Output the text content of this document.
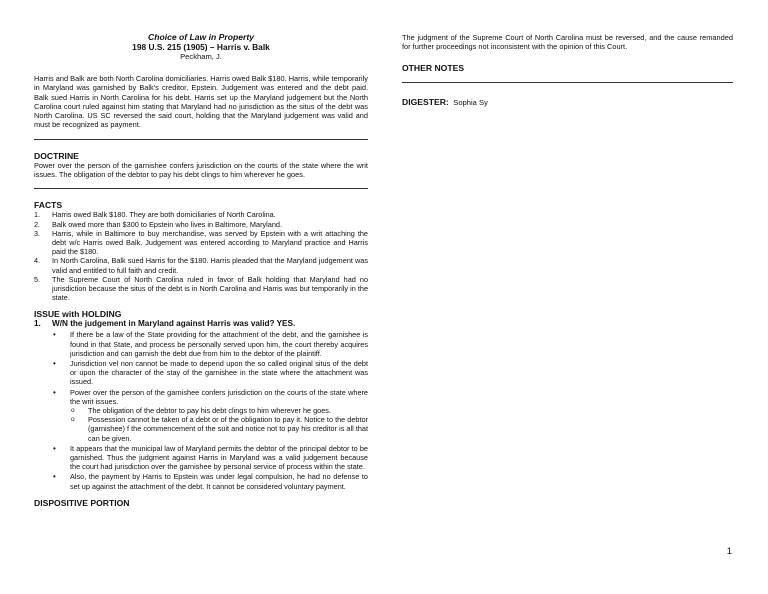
Choice of Law in Property
198 U.S. 215 (1905) – Harris v. Balk
Peckham, J.
Harris and Balk are both North Carolina domiciliaries. Harris owed Balk $180. Harris, while temporarily in Maryland was garnished by Balk's creditor, Epstein. Judgement was entered and the debt paid. Balk sued Harris in North Carolina for his debt. Harris set up the Maryland judgement but the North Carolina court ruled against him stating that Maryland had no jurisdiction as the situs of the debt was North Carolina. US SC reversed the said court, holding that the Maryland judgement was valid and must be recognized as payment.
DOCTRINE
Power over the person of the garnishee confers jurisdiction on the courts of the state where the writ issues. The obligation of the debtor to pay his debt clings to him wherever he goes.
FACTS
1. Harris owed Balk $180. They are both domiciliaries of North Carolina.
2. Balk owed more than $300 to Epstein who lives in Baltimore, Maryland.
3. Harris, while in Baltimore to buy merchandise, was served by Epstein with a writ attaching the debt w/c Harris owed Balk. Judgement was entered according to Maryland practice and Harris paid the $180.
4. In North Carolina, Balk sued Harris for the $180. Harris pleaded that the Maryland judgement was valid and entitled to full faith and credit.
5. The Supreme Court of North Carolina ruled in favor of Balk holding that Maryland had no jurisdiction because the situs of the debt is in North Carolina and Harris was but temporarily in the state.
ISSUE with HOLDING
1. W/N the judgement in Maryland against Harris was valid? YES.
• If there be a law of the State providing for the attachment of the debt, and the garnishee is found in that State, and process be personally served upon him, the court thereby acquires jurisdiction and can garnish the debt due from him to the debtor of the plaintiff.
• Jurisdiction vel non cannot be made to depend upon the so called original situs of the debt or upon the character of the stay of the garnishee in the state where the attachment was issued.
• Power over the person of the garnishee confers jurisdiction on the courts of the state where the writ issues.
o The obligation of the debtor to pay his debt clings to him wherever he goes.
o Possession cannot be taken of a debt or of the obligation to pay it. Notice to the debtor (garnishee) f the commencement of the suit and notice not to pay his creditor is all that can be given.
• It appears that the municipal law of Maryland permits the debtor of the principal debtor to be garnished. Thus the judgment against Harris in Maryland was a valid judgement because the court had jurisdiction over the garnishee by personal service of process within the state.
• Also, the payment by Harris to Epstein was under legal compulsion, he had no defense to set up against the attachment of the debt. It cannot be considered voluntary payment.
DISPOSITIVE PORTION
The judgment of the Supreme Court of North Carolina must be reversed, and the cause remanded for further proceedings not inconsistent with the opinion of this Court.
OTHER NOTES
DIGESTER: Sophia Sy
1
